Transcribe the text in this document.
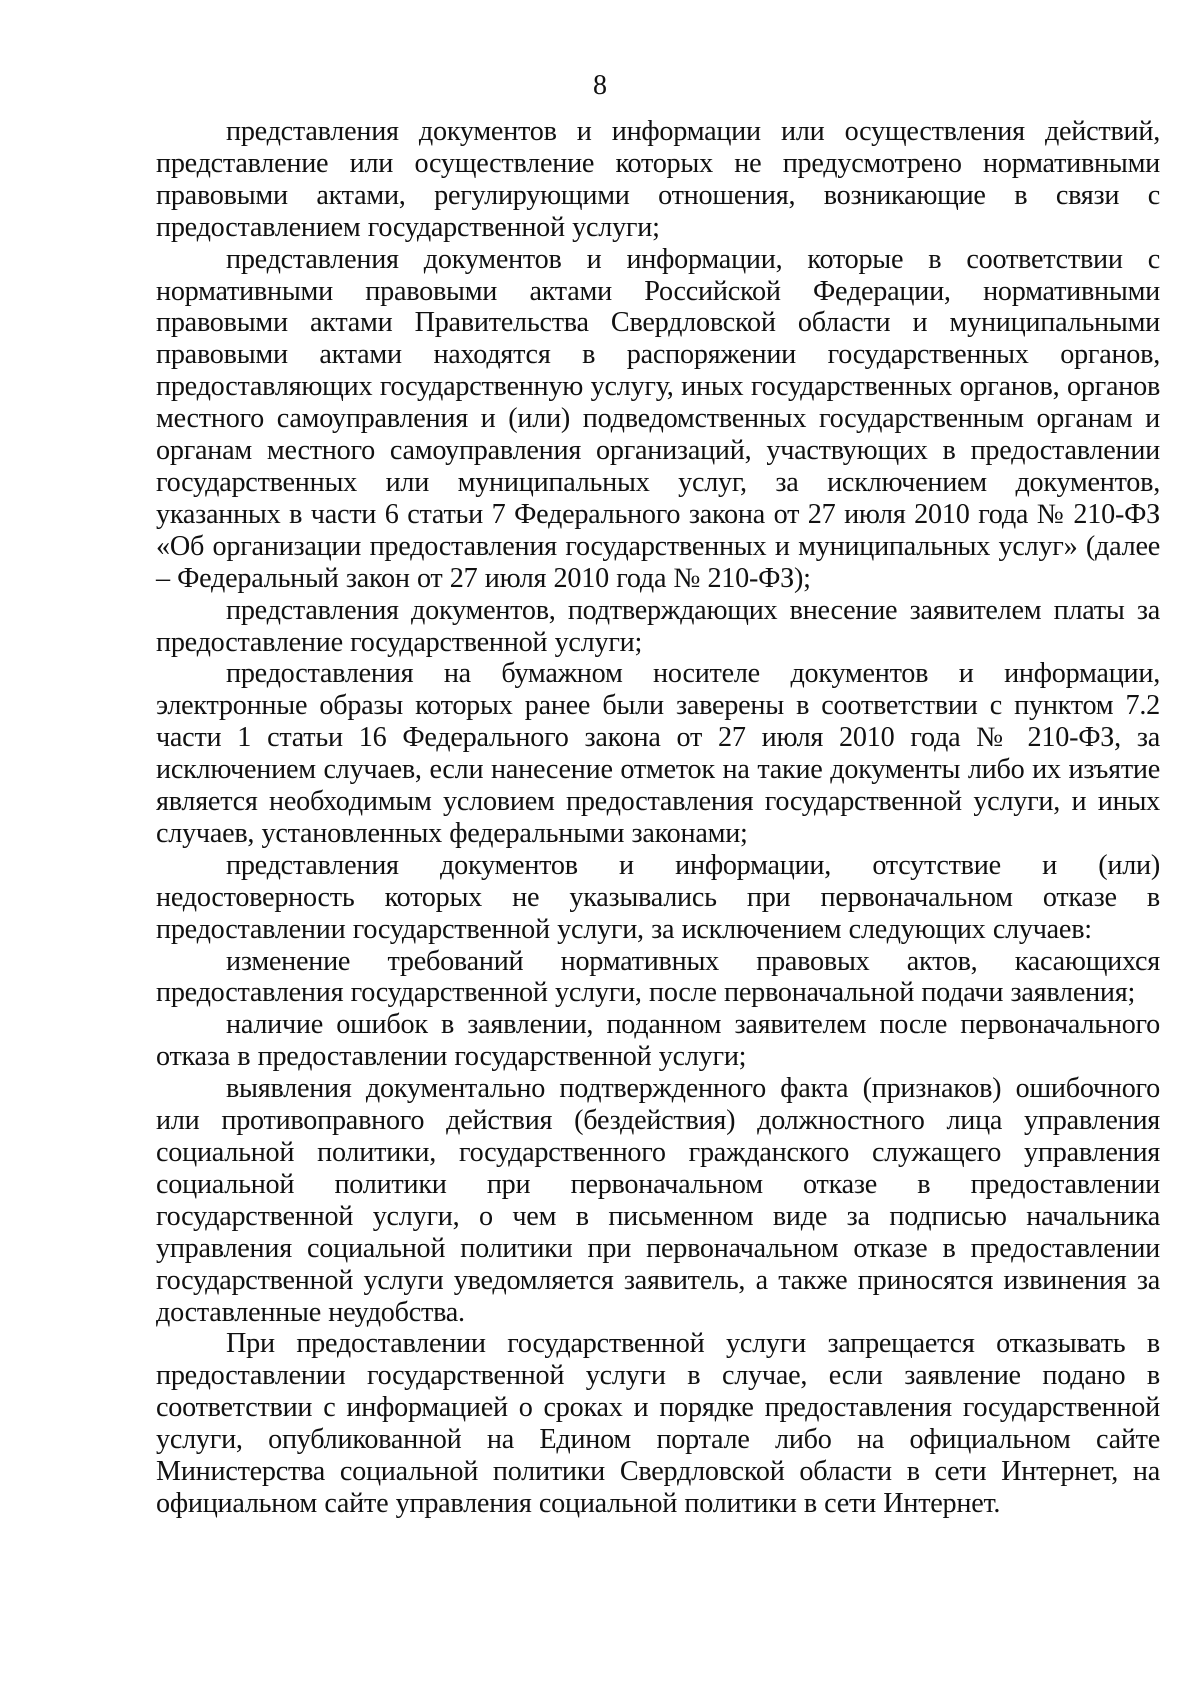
8

представления документов и информации или осуществления действий, представление или осуществление которых не предусмотрено нормативными правовыми актами, регулирующими отношения, возникающие в связи с предоставлением государственной услуги;

представления документов и информации, которые в соответствии с нормативными правовыми актами Российской Федерации, нормативными правовыми актами Правительства Свердловской области и муниципальными правовыми актами находятся в распоряжении государственных органов, предоставляющих государственную услугу, иных государственных органов, органов местного самоуправления и (или) подведомственных государственным органам и органам местного самоуправления организаций, участвующих в предоставлении государственных или муниципальных услуг, за исключением документов, указанных в части 6 статьи 7 Федерального закона от 27 июля 2010 года № 210-ФЗ «Об организации предоставления государственных и муниципальных услуг» (далее – Федеральный закон от 27 июля 2010 года № 210-ФЗ);

представления документов, подтверждающих внесение заявителем платы за предоставление государственной услуги;

предоставления на бумажном носителе документов и информации, электронные образы которых ранее были заверены в соответствии с пунктом 7.2 части 1 статьи 16 Федерального закона от 27 июля 2010 года № 210-ФЗ, за исключением случаев, если нанесение отметок на такие документы либо их изъятие является необходимым условием предоставления государственной услуги, и иных случаев, установленных федеральными законами;

представления документов и информации, отсутствие и (или) недостоверность которых не указывались при первоначальном отказе в предоставлении государственной услуги, за исключением следующих случаев:

изменение требований нормативных правовых актов, касающихся предоставления государственной услуги, после первоначальной подачи заявления;

наличие ошибок в заявлении, поданном заявителем после первоначального отказа в предоставлении государственной услуги;

выявления документально подтвержденного факта (признаков) ошибочного или противоправного действия (бездействия) должностного лица управления социальной политики, государственного гражданского служащего управления социальной политики при первоначальном отказе в предоставлении государственной услуги, о чем в письменном виде за подписью начальника управления социальной политики при первоначальном отказе в предоставлении государственной услуги уведомляется заявитель, а также приносятся извинения за доставленные неудобства.

При предоставлении государственной услуги запрещается отказывать в предоставлении государственной услуги в случае, если заявление подано в соответствии с информацией о сроках и порядке предоставления государственной услуги, опубликованной на Едином портале либо на официальном сайте Министерства социальной политики Свердловской области в сети Интернет, на официальном сайте управления социальной политики в сети Интернет.
